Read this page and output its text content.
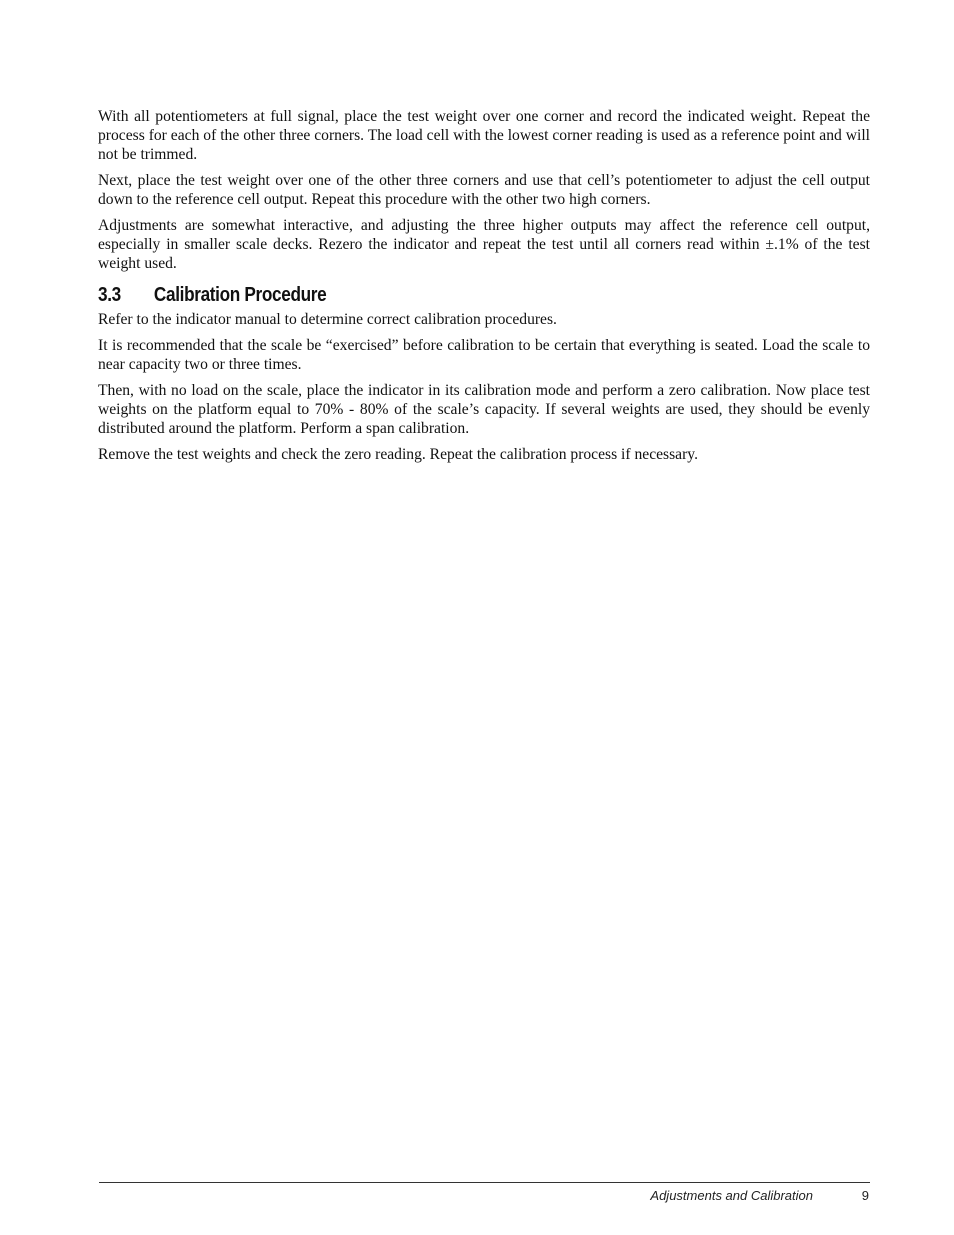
With all potentiometers at full signal, place the test weight over one corner and record the indicated weight. Repeat the process for each of the other three corners. The load cell with the lowest corner reading is used as a reference point and will not be trimmed.

Next, place the test weight over one of the other three corners and use that cell’s potentiometer to adjust the cell output down to the reference cell output. Repeat this procedure with the other two high corners.

Adjustments are somewhat interactive, and adjusting the three higher outputs may affect the reference cell output, especially in smaller scale decks. Rezero the indicator and repeat the test until all corners read within ±.1% of the test weight used.

3.3	Calibration Procedure

Refer to the indicator manual to determine correct calibration procedures.

It is recommended that the scale be “exercised” before calibration to be certain that everything is seated. Load the scale to near capacity two or three times.

Then, with no load on the scale, place the indicator in its calibration mode and perform a zero calibration. Now place test weights on the platform equal to 70% - 80% of the scale’s capacity. If several weights are used, they should be evenly distributed around the platform. Perform a span calibration.

Remove the test weights and check the zero reading. Repeat the calibration process if necessary.

Adjustments and Calibration	9
